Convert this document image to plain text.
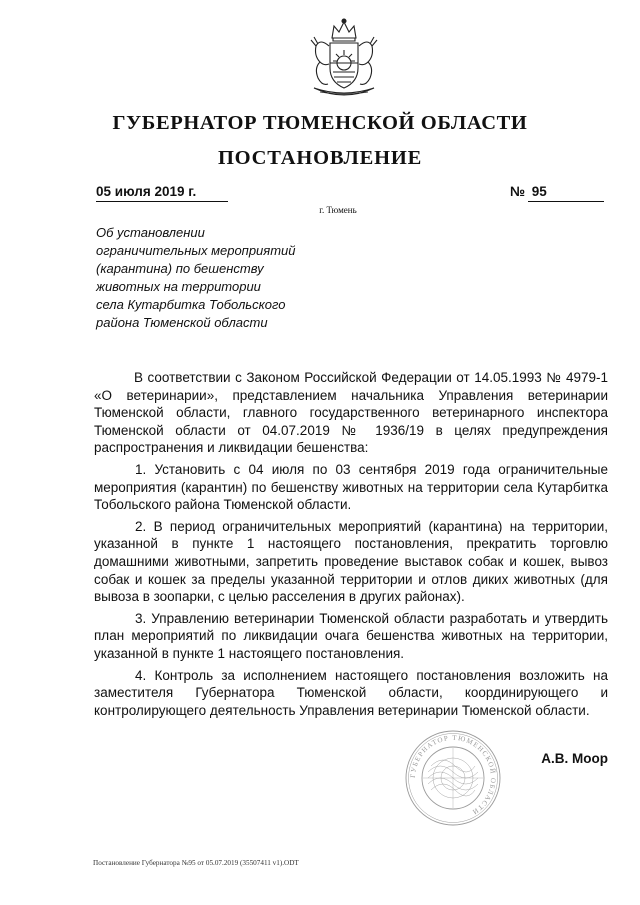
ГУБЕРНАТОР ТЮМЕНСКОЙ ОБЛАСТИ
ПОСТАНОВЛЕНИЕ
05 июля 2019 г.	№ 95
г. Тюмень
Об установлении
ограничительных мероприятий
(карантина) по бешенству
животных на территории
села Кутарбитка Тобольского
района Тюменской области

В соответствии с Законом Российской Федерации от 14.05.1993 № 4979-1 «О ветеринарии», представлением начальника Управления ветеринарии Тюменской области, главного государственного ветеринарного инспектора Тюменской области от 04.07.2019 № 1936/19 в целях предупреждения распространения и ликвидации бешенства:

1. Установить с 04 июля по 03 сентября 2019 года ограничительные мероприятия (карантин) по бешенству животных на территории села Кутарбитка Тобольского района Тюменской области.

2. В период ограничительных мероприятий (карантина) на территории, указанной в пункте 1 настоящего постановления, прекратить торговлю домашними животными, запретить проведение выставок собак и кошек, вывоз собак и кошек за пределы указанной территории и отлов диких животных (для вывоза в зоопарки, с целью расселения в других районах).

3. Управлению ветеринарии Тюменской области разработать и утвердить план мероприятий по ликвидации очага бешенства животных на территории, указанной в пункте 1 настоящего постановления.

4. Контроль за исполнением настоящего постановления возложить на заместителя Губернатора Тюменской области, координирующего и контролирующего деятельность Управления ветеринарии Тюменской области.

ГУБЕРНАТОР ТЮМЕНСКОЙ ОБЛАСТИ
А.В. Моор
Постановление Губернатора №95 от 05.07.2019 (35507411 v1).ODT
